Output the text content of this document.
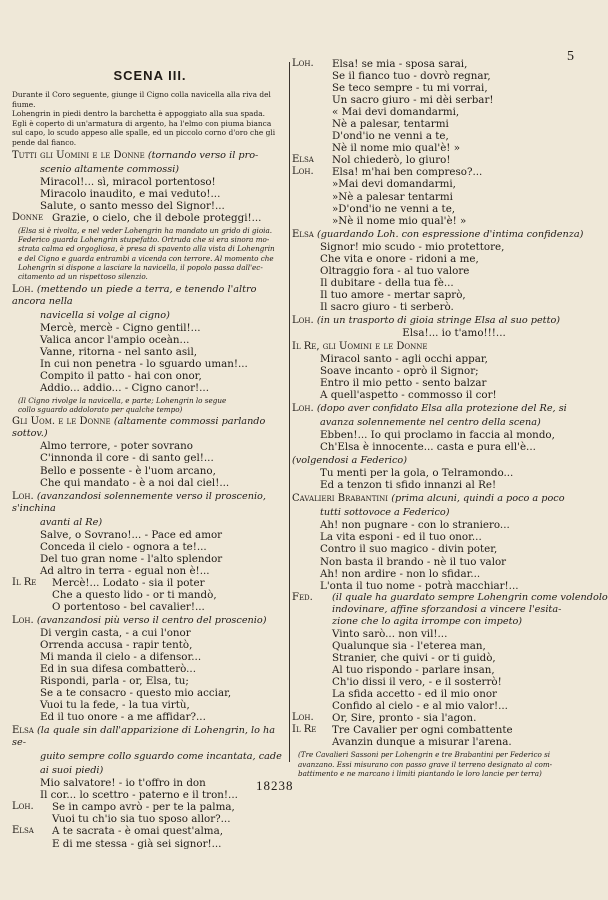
5
SCENA III.
Durante il Coro seguente, giunge il Cigno colla navicella alla riva del fiume.
Lohengrin in piedi dentro la barchetta è appoggiato alla sua spada.
Egli è coperto di un'armatura di argento, ha l'elmo con piuma bianca
sul capo, lo scudo appeso alle spalle, ed un piccolo corno d'oro che gli
pende dal fianco.
Tutti gli Uomini e le Donne (tornando verso il pro-
scenio altamente commossi)
Miracol!... sì, miracol portentoso!
Miracolo inaudito, e mai veduto!...
Salute, o santo messo del Signor!...
Donne Grazie, o cielo, che il debole proteggi!...
(Elsa si è rivolta, e nel veder Lohengrin ha mandato un grido di gioia.
Federico guarda Lohengrin stupefatto. Ortruda che si era sinora mo-
strata calma ed orgogliosa, è presa di spavento alla vista di Lohengrin
e del Cigno e guarda entrambi a vicenda con terrore. Al momento che
Lohengrin si dispone a lasciare la navicella, il popolo passa dall'ec-
citamento ad un rispettoso silenzio.
Loh. (mettendo un piede a terra, e tenendo l'altro ancora nella
navicella si volge al cigno)
Mercè, mercè - Cigno gentil!...
Valica ancor l'ampio oceàn...
Vanne, ritorna - nel santo asil,
In cui non penetra - lo sguardo uman!...
Compito il patto - hai con onor,
Addio... addio... - Cigno canor!...
(Il Cigno rivolge la navicella, e parte; Lohengrin lo segue
collo sguardo addolorato per qualche tempo)
Gli Uom. e le Donne (altamente commossi parlando sottov.)
Almo terrore, - poter sovrano
C'innonda il core - di santo gel!...
Bello e possente - è l'uom arcano,
Che qui mandato - è a noi dal ciel!...
Loh. (avanzandosi solennemente verso il proscenio, s'inchina
avanti al Re)
Salve, o Sovrano!... - Pace ed amor
Conceda il cielo - ognora a te!...
Del tuo gran nome - l'alto splendor
Ad altro in terra - egual non è!...
Il Re	Mercè!... Lodato - sia il poter
Che a questo lido - or ti mandò,
O portentoso - bel cavalier!...
Loh. (avanzandosi più verso il centro del proscenio)
Di vergin casta, - a cui l'onor
Orrenda accusa - rapir tentò,
Mi manda il cielo - a difensor...
Ed in sua difesa combatterò...
Rispondi, parla - or, Elsa, tu;
Se a te consacro - questo mio acciar,
Vuoi tu la fede, - la tua virtù,
Ed il tuo onore - a me affidar?...
Elsa (la quale sin dall'apparizione di Lohengrin, lo ha se-
guito sempre collo sguardo come incantata, cade
ai suoi piedi)
Mio salvatore! - io t'offro in don
Il cor... lo scettro - paterno e il tron!...
Loh.	Se in campo avrò - per te la palma,
Vuoi tu ch'io sia tuo sposo allor?...
Elsa	A te sacrata - è omai quest'alma,
E di me stessa - già sei signor!...
Loh.	Elsa! se mia - sposa sarai,
Se il fianco tuo - dovrò regnar,
Se teco sempre - tu mi vorrai,
Un sacro giuro - mi dèi serbar!
« Mai devi domandarmi,
Nè a palesar, tentarmi
D'ond'io ne venni a te,
Nè il nome mio qual'è! »
Elsa	Nol chiederò, lo giuro!
Loh.	Elsa! m'hai ben compreso?...
»Mai devi domandarmi,
»Nè a palesar tentarmi
»D'ond'io ne venni a te,
»Nè il nome mio qual'è! »
Elsa (guardando Loh. con espressione d'intima confidenza)
Signor! mio scudo - mio protettore,
Che vita e onore - ridoni a me,
Oltraggio fora - al tuo valore
Il dubitare - della tua fè...
Il tuo amore - mertar saprò,
Il sacro giuro - ti serberò.
Loh. (in un trasporto di gioia stringe Elsa al suo petto)
Elsa!... io t'amo!!!...
Il Re, gli Uomini e le Donne
Miracol santo - agli occhi appar,
Soave incanto - oprò il Signor;
Entro il mio petto - sento balzar
A quell'aspetto - commosso il cor!
Loh. (dopo aver confidato Elsa alla protezione del Re, si
avanza solennemente nel centro della scena)
Ebben!... Io qui proclamo in faccia al mondo,
Ch'Elsa è innocente... casta e pura ell'è...
(volgendosi a Federico)
Tu menti per la gola, o Telramondo...
Ed a tenzon ti sfido innanzi al Re!
Cavalieri Brabantini (prima alcuni, quindi a poco a poco
tutti sottovoce a Federico)
Ah! non pugnare - con lo straniero...
La vita esponi - ed il tuo onor...
Contro il suo magico - divin poter,
Non basta il brando - nè il tuo valor
Ah! non ardire - non lo sfidar...
L'onta il tuo nome - potrà macchiar!...
Fed.	(il quale ha guardato sempre Lohengrin come volendolo
indovinare, affine sforzandosi a vincere l'esita-
zione che lo agita irrompe con impeto)
Vinto sarò... non vil!...
Qualunque sia - l'eterea man,
Stranier, che quivi - or ti guidò,
Al tuo rispondo - parlare insan,
Ch'io dissi il vero, - e il sosterrò!
La sfida accetto - ed il mio onor
Confido al cielo - e al mio valor!...
Loh.	Or, Sire, pronto - sia l'agon.
Il Re	Tre Cavalier per ogni combattente
Avanzin dunque a misurar l'arena.
(Tre Cavalieri Sassoni per Lohengrin e tre Brabantini per Federico si
avanzano. Essi misurano con passo grave il terreno designato al com-
battimento e ne marcano i limiti piantando le loro lancie per terra)
18238
